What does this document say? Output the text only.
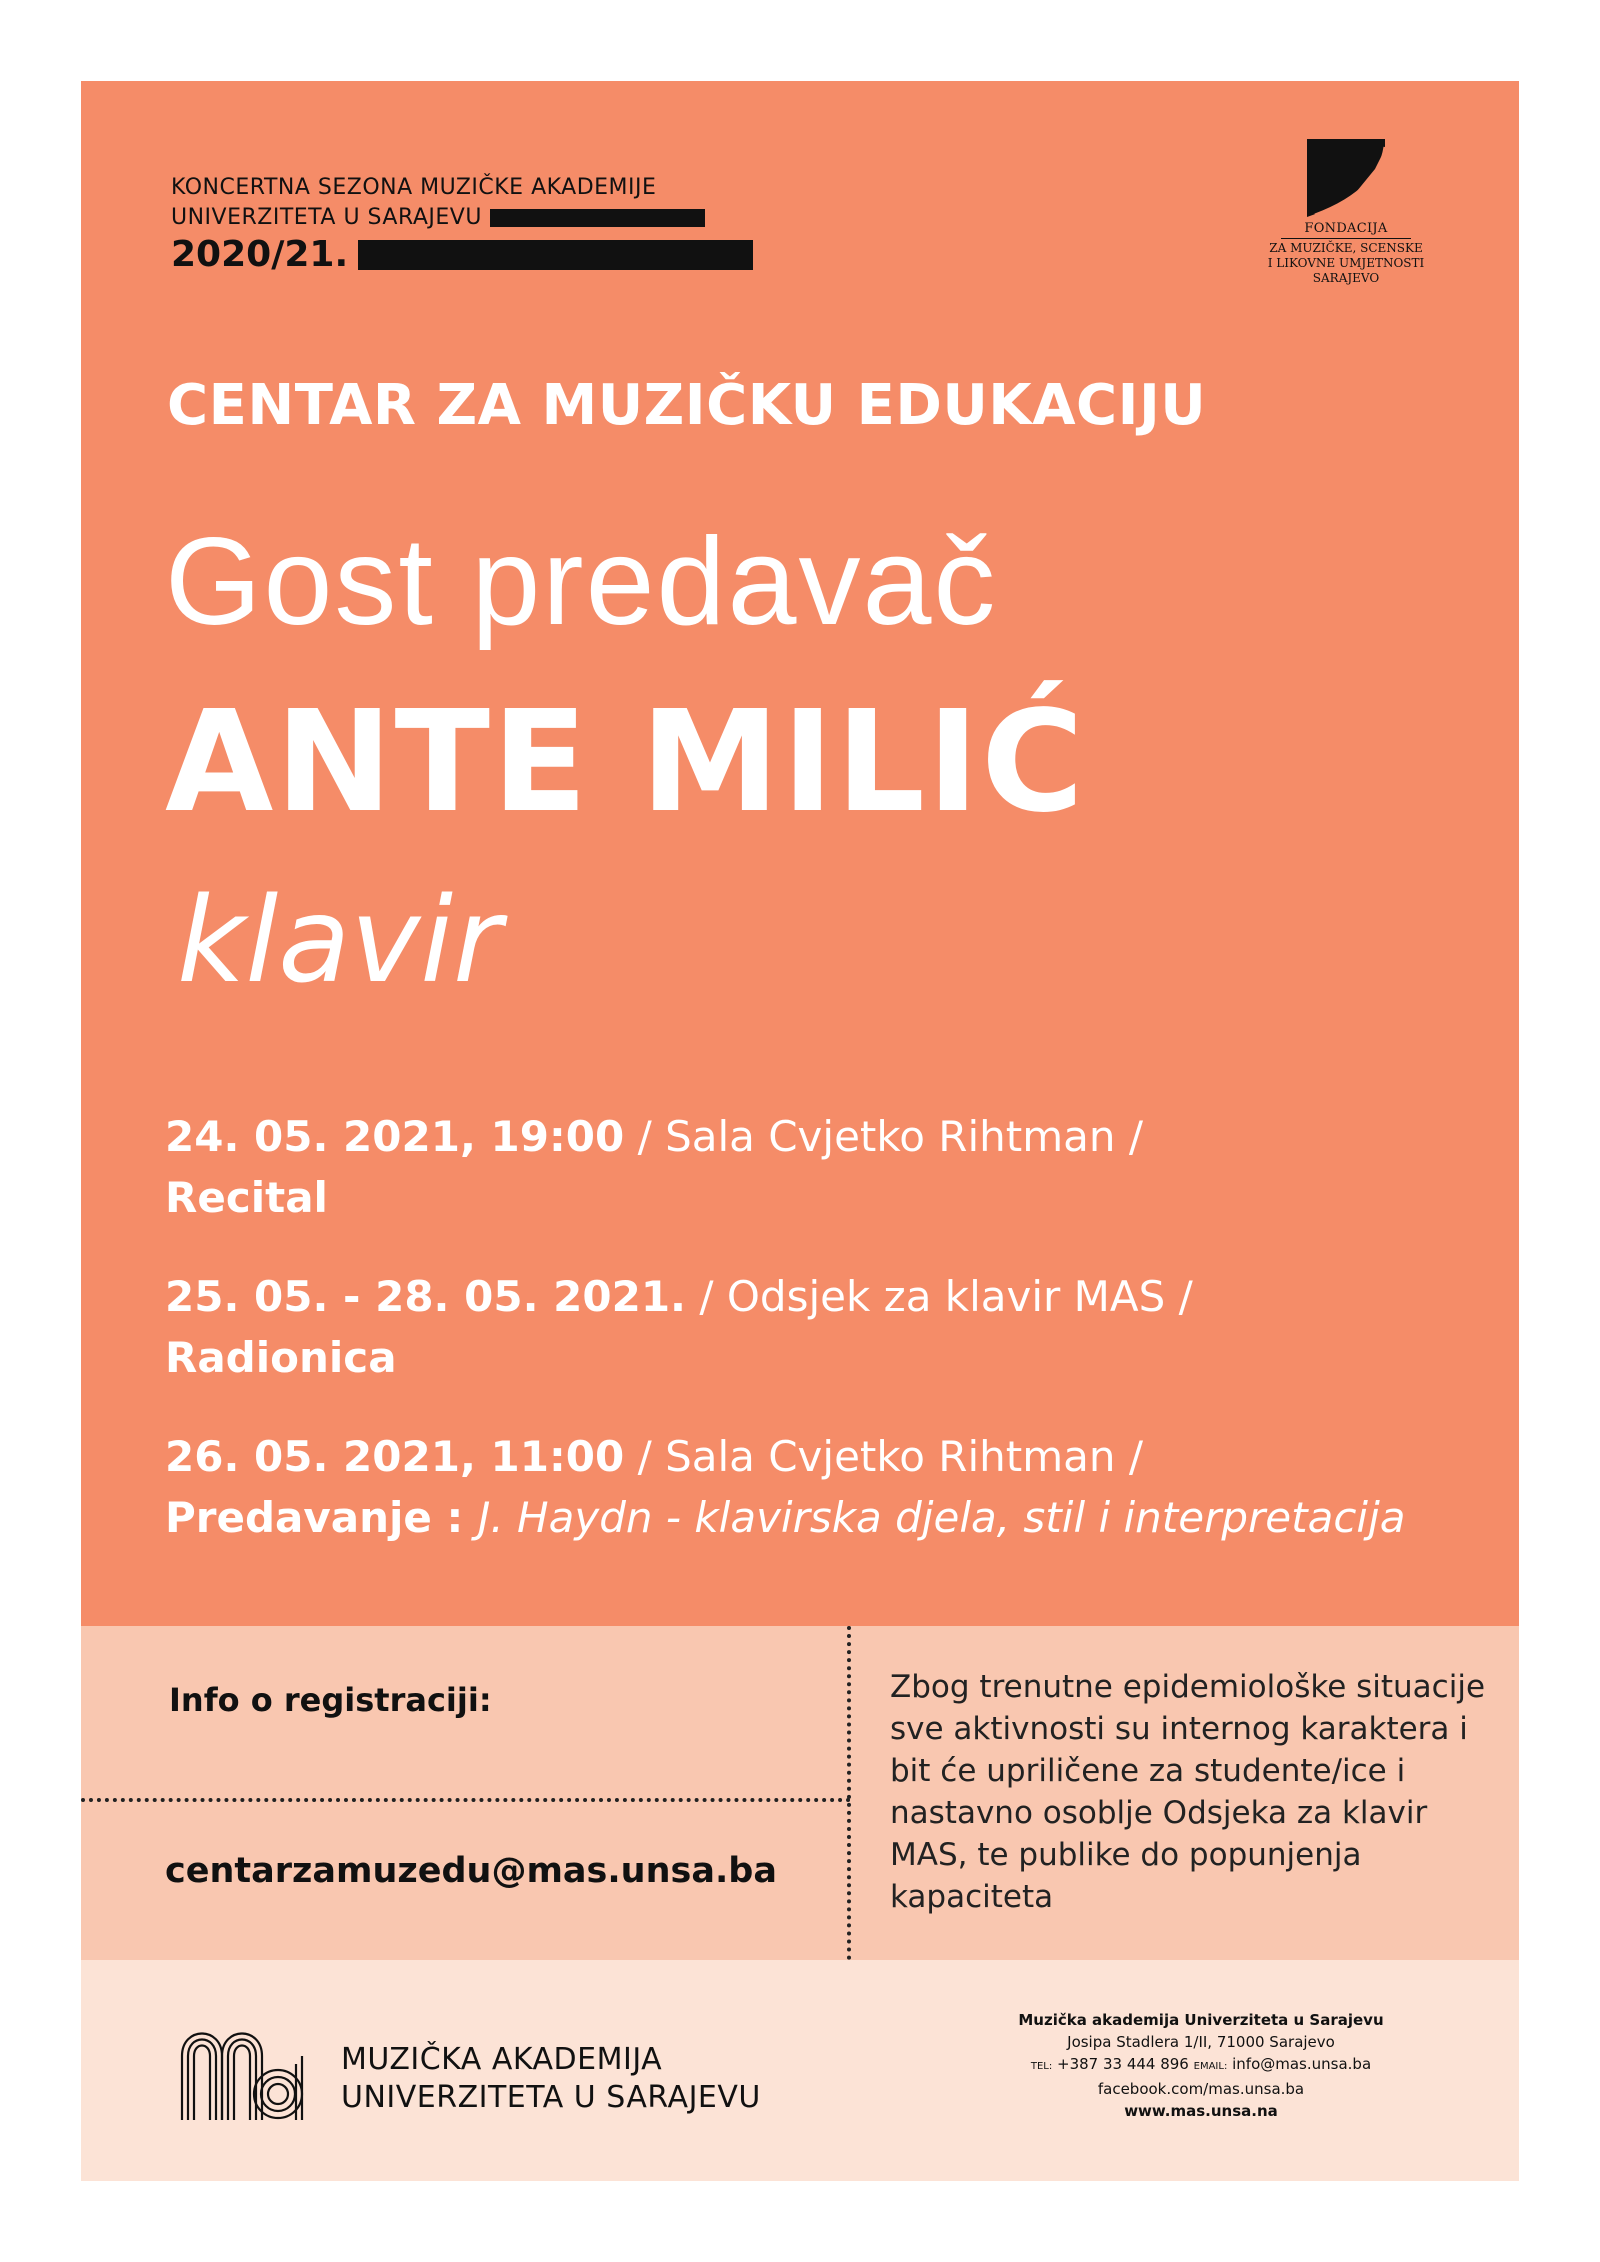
KONCERTNA SEZONA MUZIČKE AKADEMIJE
UNIVERZITETA U SARAJEVU
2020/21.
FONDACIJA
ZA MUZIČKE, SCENSKE
I LIKOVNE UMJETNOSTI
SARAJEVO
CENTAR ZA MUZIČKU EDUKACIJU
Gost predavač
ANTE MILIĆ
klavir
24. 05. 2021, 19:00 / Sala Cvjetko Rihtman /
Recital
25. 05. - 28. 05. 2021. / Odsjek za klavir MAS /
Radionica
26. 05. 2021, 11:00 / Sala Cvjetko Rihtman /
Predavanje : J. Haydn - klavirska djela, stil i interpretacija
Info o registraciji:
centarzamuzedu@mas.unsa.ba
Zbog trenutne epidemiološke situacije sve aktivnosti su internog karaktera i bit će upriličene za studente/ice i nastavno osoblje Odsjeka za klavir MAS, te publike do popunjenja kapaciteta
MUZIČKA AKADEMIJA
UNIVERZITETA U SARAJEVU
Muzička akademija Univerziteta u Sarajevu
Josipa Stadlera 1/II, 71000 Sarajevo
TEL: +387 33 444 896 EMAIL: info@mas.unsa.ba
facebook.com/mas.unsa.ba
www.mas.unsa.na
